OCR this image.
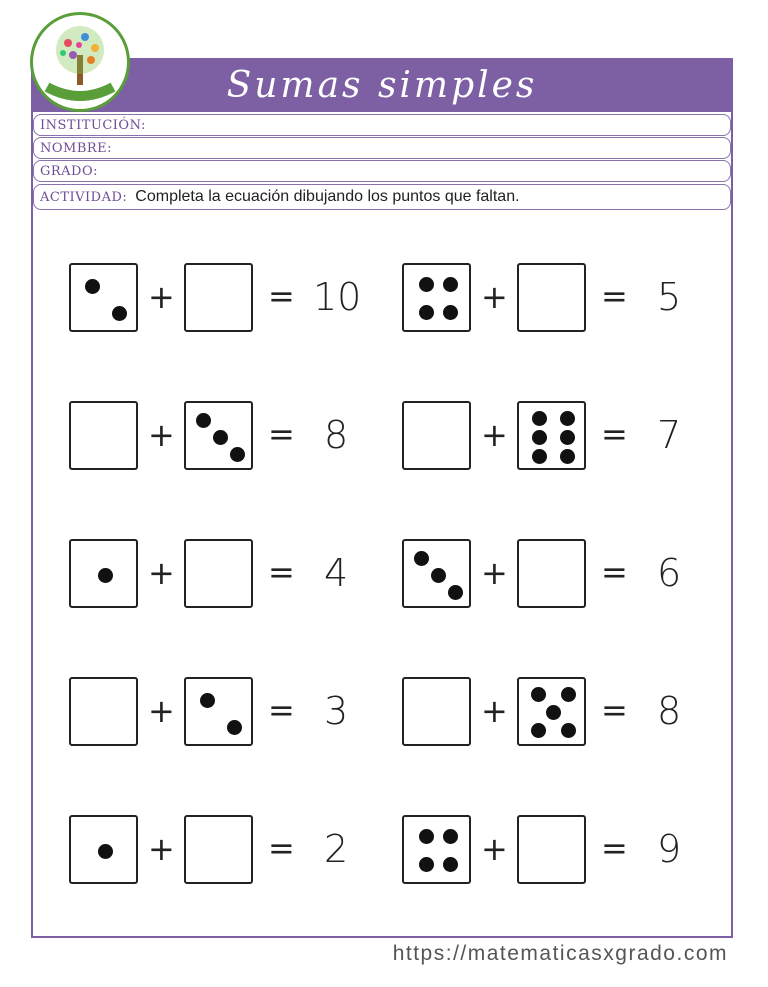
Sumas simples
INSTITUCIÓN:
NOMBRE:
GRADO:
ACTIVIDAD: Completa la ecuación dibujando los puntos que faltan.
+	= 10	+	= 5
+	= 8	+	= 7
+	= 4	+	= 6
+	= 3	+	= 8
+	= 2	+	= 9
https://matematicasxgrado.com
